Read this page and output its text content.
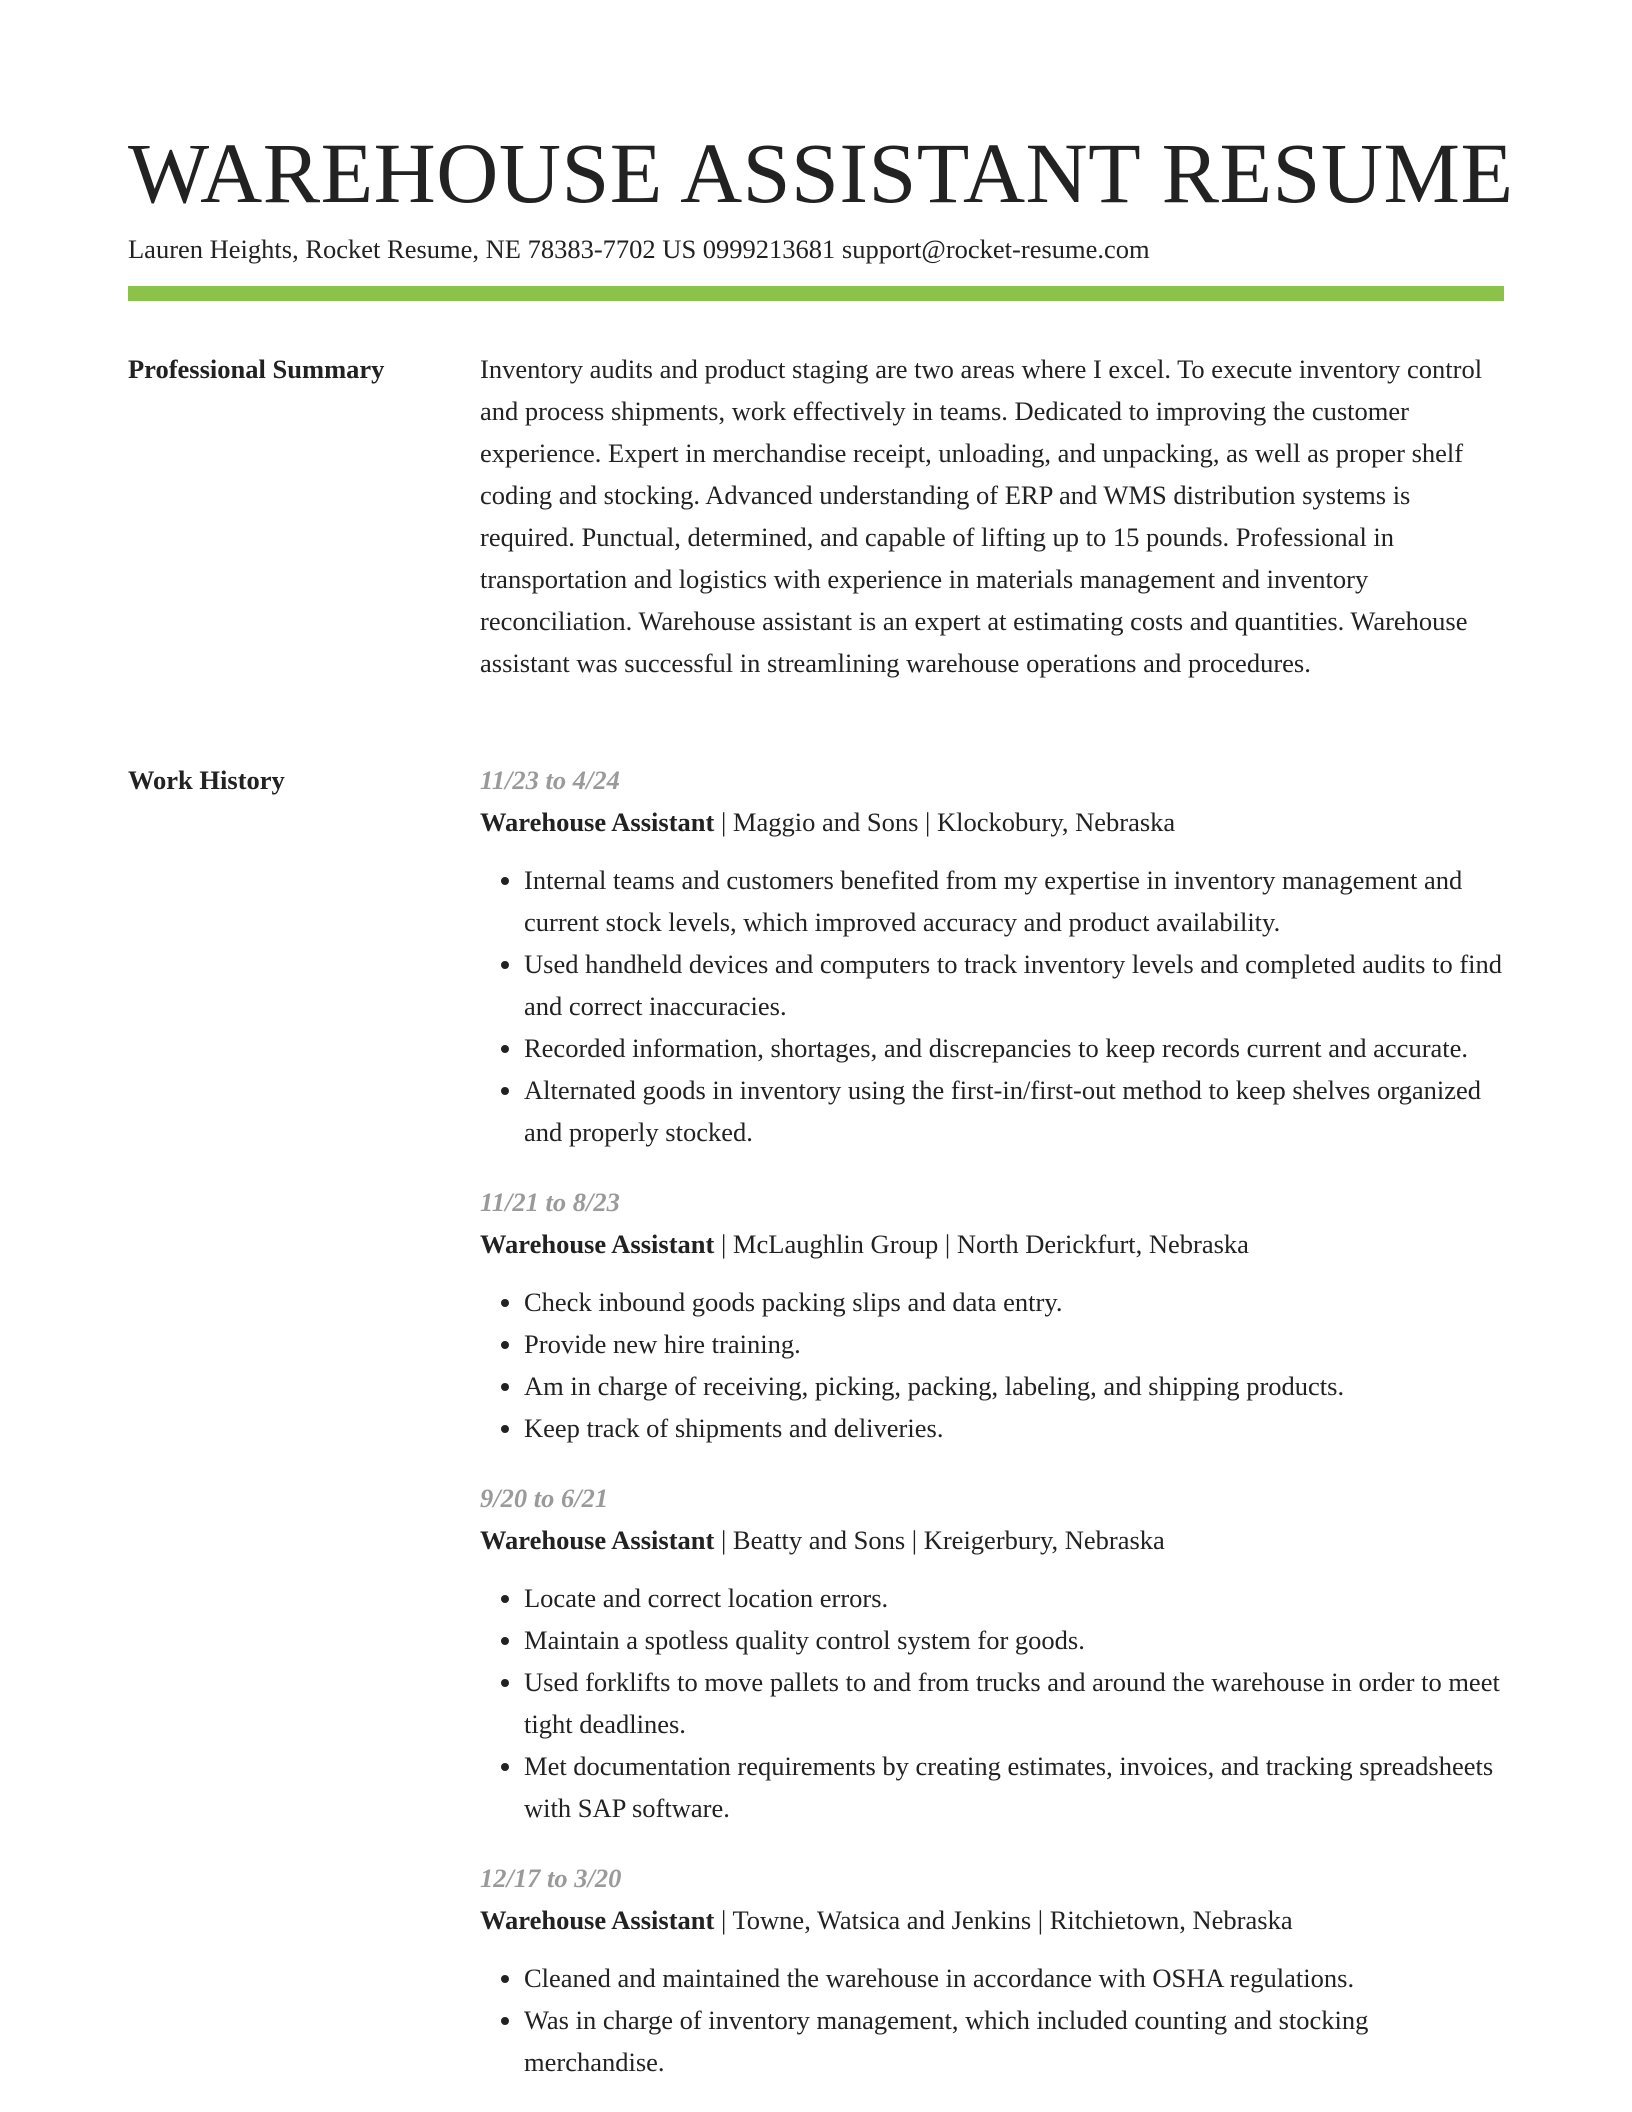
WAREHOUSE ASSISTANT RESUME
Lauren Heights, Rocket Resume, NE 78383-7702 US 0999213681 support@rocket-resume.com
Professional Summary	Inventory audits and product staging are two areas where I excel. To execute inventory control and process shipments, work effectively in teams. Dedicated to improving the customer experience. Expert in merchandise receipt, unloading, and unpacking, as well as proper shelf coding and stocking. Advanced understanding of ERP and WMS distribution systems is required. Punctual, determined, and capable of lifting up to 15 pounds. Professional in transportation and logistics with experience in materials management and inventory reconciliation. Warehouse assistant is an expert at estimating costs and quantities. Warehouse assistant was successful in streamlining warehouse operations and procedures.

Work History	11/23 to 4/24
Warehouse Assistant | Maggio and Sons | Klockobury, Nebraska
• Internal teams and customers benefited from my expertise in inventory management and current stock levels, which improved accuracy and product availability.
• Used handheld devices and computers to track inventory levels and completed audits to find and correct inaccuracies.
• Recorded information, shortages, and discrepancies to keep records current and accurate.
• Alternated goods in inventory using the first-in/first-out method to keep shelves organized and properly stocked.
11/21 to 8/23
Warehouse Assistant | McLaughlin Group | North Derickfurt, Nebraska
• Check inbound goods packing slips and data entry.
• Provide new hire training.
• Am in charge of receiving, picking, packing, labeling, and shipping products.
• Keep track of shipments and deliveries.
9/20 to 6/21
Warehouse Assistant | Beatty and Sons | Kreigerbury, Nebraska
• Locate and correct location errors.
• Maintain a spotless quality control system for goods.
• Used forklifts to move pallets to and from trucks and around the warehouse in order to meet tight deadlines.
• Met documentation requirements by creating estimates, invoices, and tracking spreadsheets with SAP software.
12/17 to 3/20
Warehouse Assistant | Towne, Watsica and Jenkins | Ritchietown, Nebraska
• Cleaned and maintained the warehouse in accordance with OSHA regulations.
• Was in charge of inventory management, which included counting and stocking merchandise.
